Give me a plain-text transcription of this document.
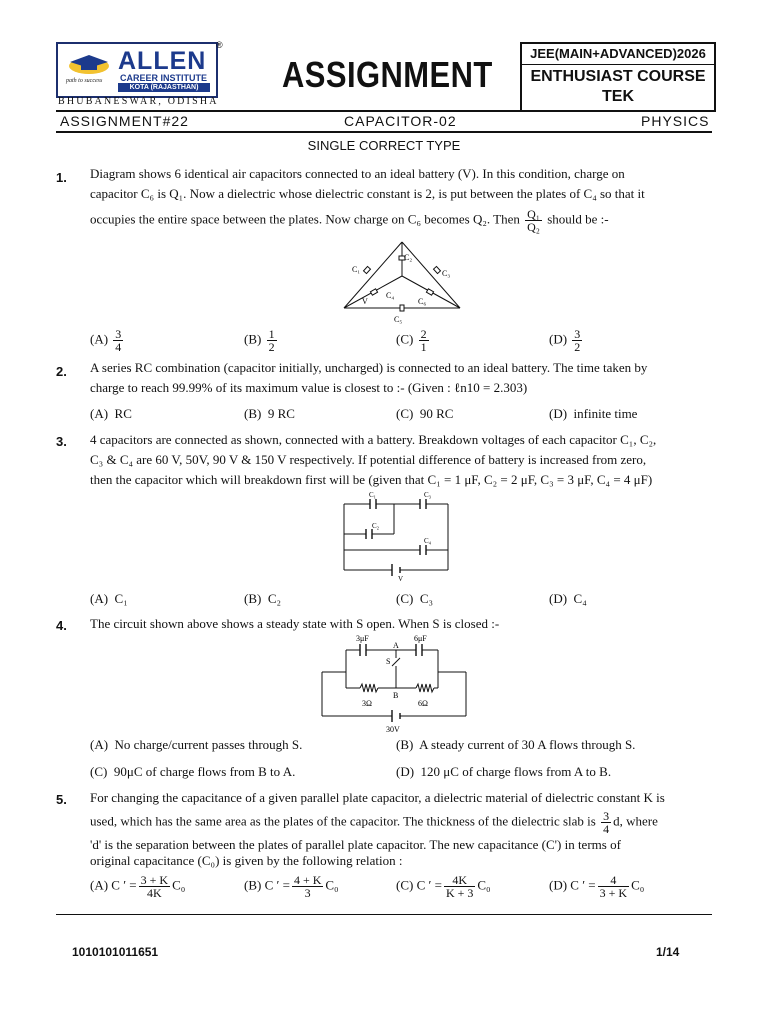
ALLEN
CAREER INSTITUTE
KOTA (RAJASTHAN)
path to success
®
BHUBANESWAR, ODISHA
ASSIGNMENT
JEE(MAIN+ADVANCED)2026
ENTHUSIAST COURSE
TEK
ASSIGNMENT#22	CAPACITOR-02	PHYSICS
SINGLE CORRECT TYPE
1. Diagram shows 6 identical air capacitors connected to an ideal battery (V). In this condition, charge on
capacitor C₆ is Q₁. Now a dielectric whose dielectric constant is 2, is put between the plates of C₄ so that it
occupies the entire space between the plates. Now charge on C₆ becomes Q₂. Then $\frac{\text{Q₁}}{\text{Q₂}}$ should be :-
C₁
C₂
C₃
C₄
C₅
C₆
V
$(A) \frac{3}{4}$	$(B) \frac{1}{2}$	$(C) \frac{2}{1}$	$(D) \frac{3}{2}$
2. A series RC combination (capacitor initially, uncharged) is connected to an ideal battery. The time taken by
charge to reach 99.99% of its maximum value is closest to :- (Given : ℓn10 = 2.303)
(A) RC	(B) 9 RC	(C) 90 RC	(D) infinite time
3. 4 capacitors are connected as shown, connected with a battery. Breakdown voltages of each capacitor C₁, C₂,
C₃ & C₄ are 60 V, 50V, 90 V & 150 V respectively. If potential difference of battery is increased from zero,
then the capacitor which will breakdown first will be (given that C₁ = 1 μF, C₂ = 2 μF, C₃ = 3 μF, C₄ = 4 μF)
C₁	C₃
C₂
C₄
V
(A) C₁	(B) C₂	(C) C₃	(D) C₄
4. The circuit shown above shows a steady state with S open. When S is closed :-
3μF	6μF
A
S
B
3Ω	6Ω
30V
(A) No charge/current passes through S.	(B) A steady current of 30 A flows through S.
(C) 90μC of charge flows from B to A.	(D) 120 μC of charge flows from A to B.
5. For changing the capacitance of a given parallel plate capacitor, a dielectric material of dielectric constant K is
used, which has the same area as the plates of the capacitor. The thickness of the dielectric slab is $\frac{3}{4} d$, where
'd' is the separation between the plates of parallel plate capacitor. The new capacitance (C') in terms of
original capacitance (C₀) is given by the following relation :
(A) C ′ = $\frac{3 + K}{4K} C_0$	(B) C ′ = $\frac{4 + K}{3} C_0$	(C) C ′ = $\frac{4K}{K + 3} C_0$	(D) C ′ = $\frac{4}{3 + K} C_0$
1010101011651	1/14
